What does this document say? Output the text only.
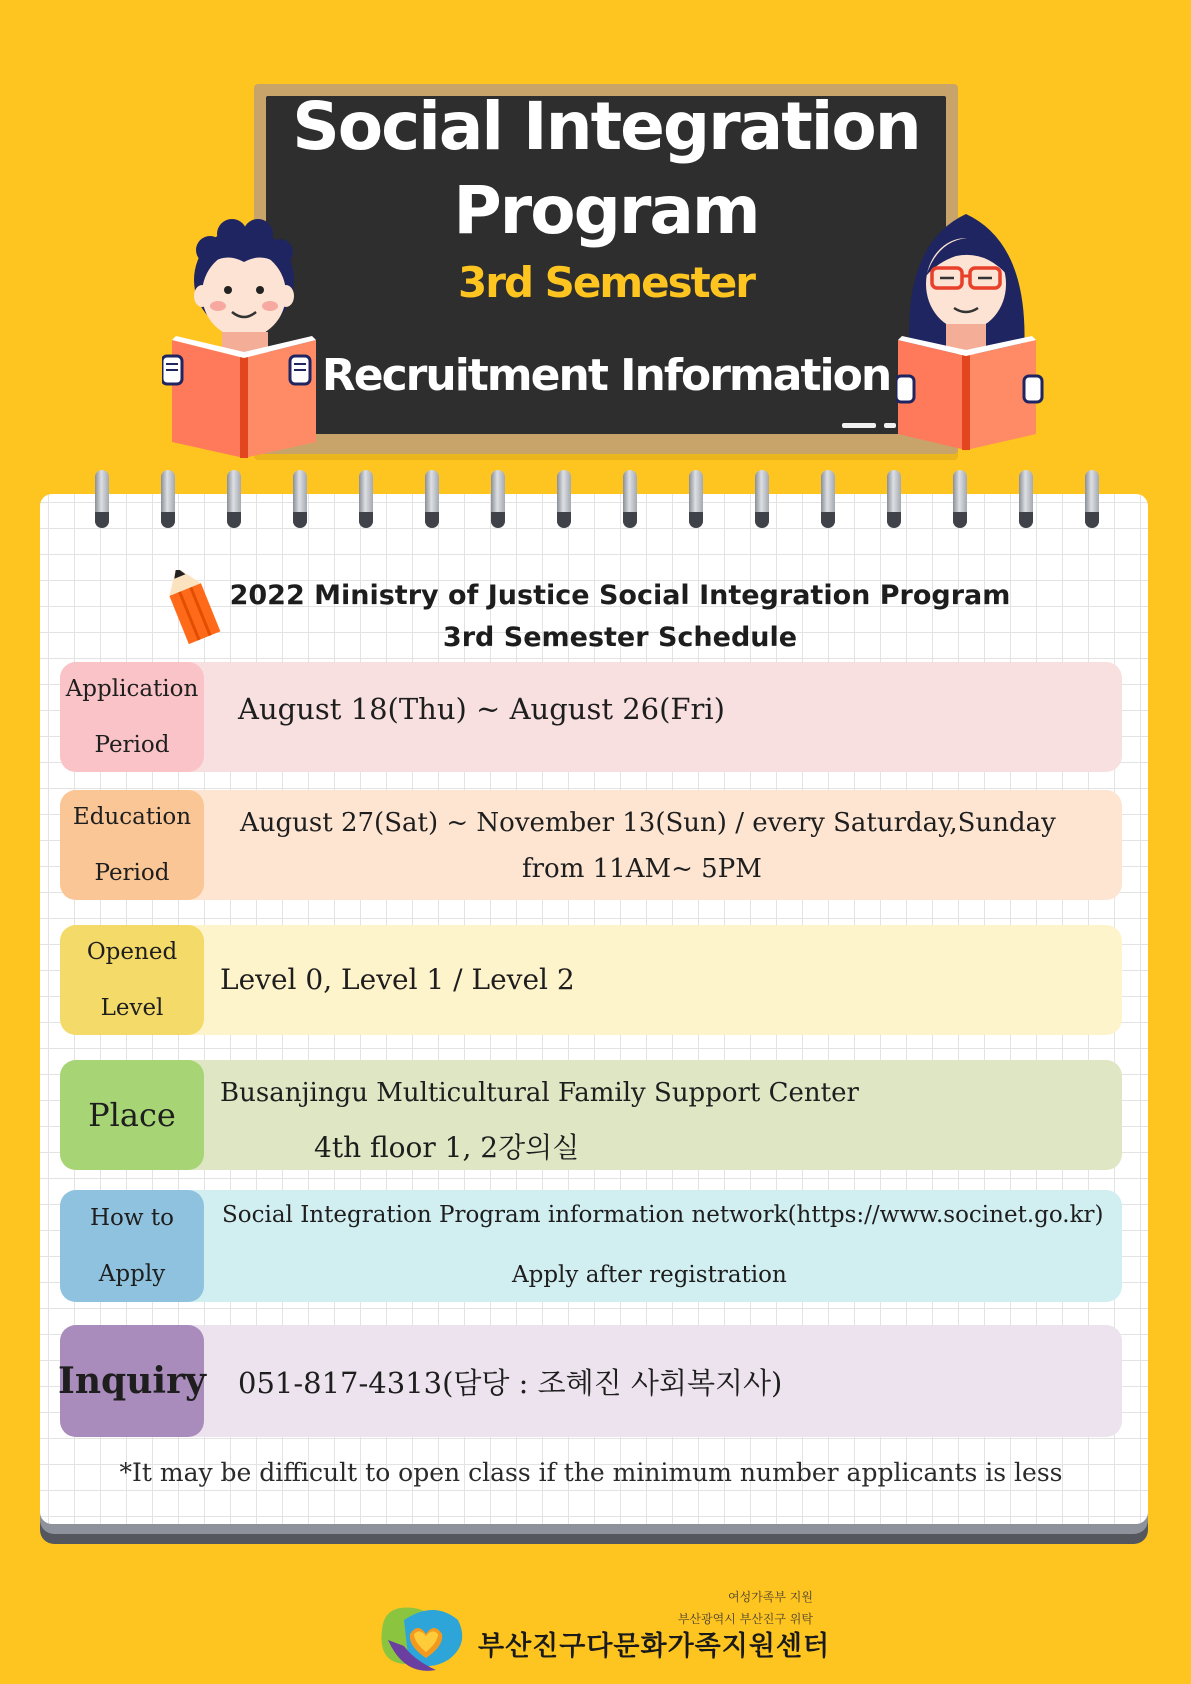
Social Integration
Program
3rd Semester
Recruitment Information
2022 Ministry of Justice Social Integration Program
3rd Semester Schedule
Application
Period
August 18(Thu) ~ August 26(Fri)
Education
Period
August 27(Sat) ~ November 13(Sun) / every Saturday,Sunday
from 11AM~ 5PM
Opened
Level
Level 0, Level 1 / Level 2
Place
Busanjingu Multicultural Family Support Center
4th floor 1, 2강의실
How to
Apply
Social Integration Program information network(https://www.socinet.go.kr)
Apply after registration
Inquiry 051-817-4313(담당 : 조혜진 사회복지사)
*It may be difficult to open class if the minimum number applicants is less
여성가족부 지원
부산광역시 부산진구 위탁
부산진구다문화가족지원센터
